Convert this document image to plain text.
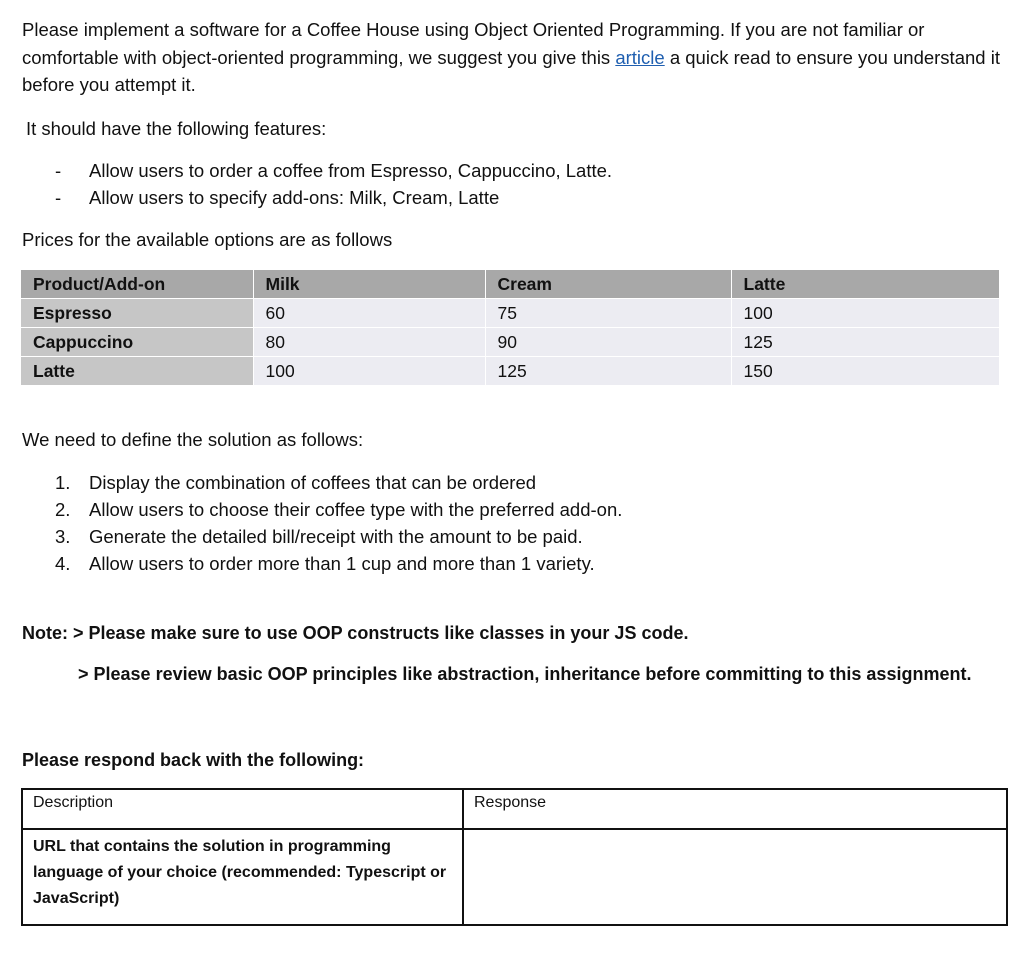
Please implement a software for a Coffee House using Object Oriented Programming. If you are not familiar or comfortable with object-oriented programming, we suggest you give this article a quick read to ensure you understand it before you attempt it.

It should have the following features:

- Allow users to order a coffee from Espresso, Cappuccino, Latte.
- Allow users to specify add-ons: Milk, Cream, Latte

Prices for the available options are as follows

Product/Add-on	Milk	Cream	Latte
Espresso	60	75	100
Cappuccino	80	90	125
Latte	100	125	150

We need to define the solution as follows:

1. Display the combination of coffees that can be ordered
2. Allow users to choose their coffee type with the preferred add-on.
3. Generate the detailed bill/receipt with the amount to be paid.
4. Allow users to order more than 1 cup and more than 1 variety.

Note: > Please make sure to use OOP constructs like classes in your JS code.

> Please review basic OOP principles like abstraction, inheritance before committing to this assignment.

Please respond back with the following:

Description	Response
URL that contains the solution in programming language of your choice (recommended: Typescript or JavaScript)	
